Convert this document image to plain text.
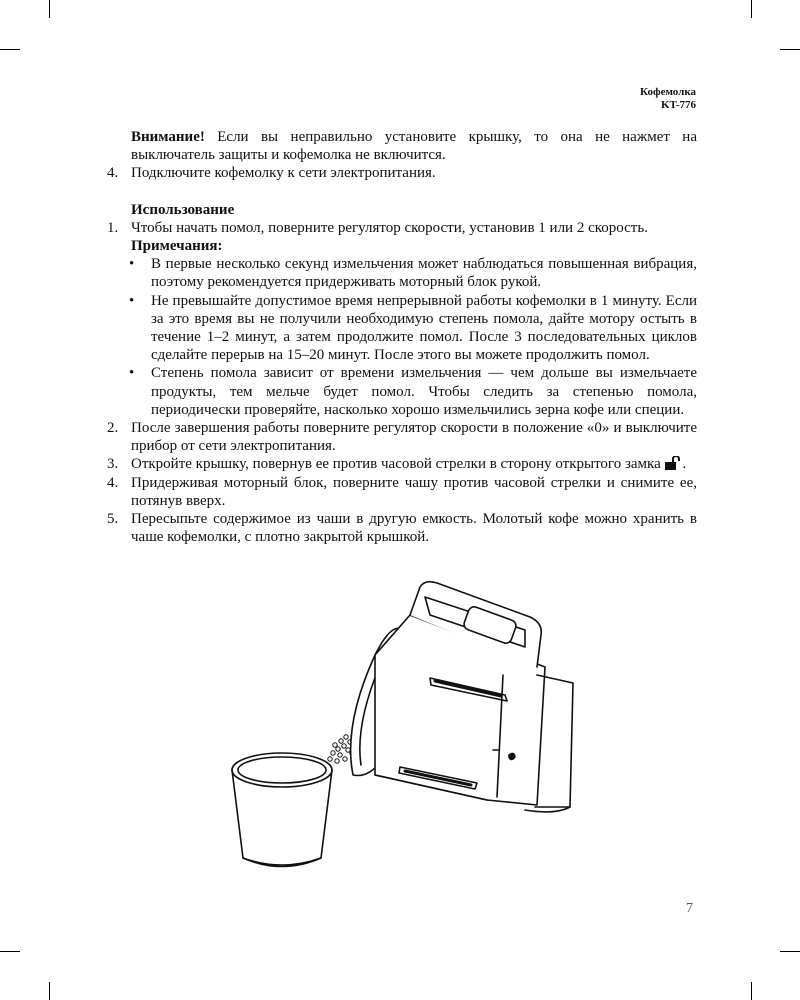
Кофемолка
KT-776

Внимание! Если вы неправильно установите крышку, то она не нажмет на выключатель защиты и кофемолка не включится.

4. Подключите кофемолку к сети электропитания.

Использование

1. Чтобы начать помол, поверните регулятор скорости, установив 1 или 2 скорость.

Примечания:

• В первые несколько секунд измельчения может наблюдаться повышенная вибрация, поэтому рекомендуется придерживать моторный блок рукой.
• Не превышайте допустимое время непрерывной работы кофемолки в 1 минуту. Если за это время вы не получили необходимую степень помола, дайте мотору остыть в течение 1–2 минут, а затем продолжите помол. После 3 последовательных циклов сделайте перерыв на 15–20 минут. После этого вы можете продолжить помол.
• Степень помола зависит от времени измельчения — чем дольше вы измельчаете продукты, тем мельче будет помол. Чтобы следить за степенью помола, периодически проверяйте, насколько хорошо измельчились зерна кофе или специи.
2. После завершения работы поверните регулятор скорости в положение «0» и выключите прибор от сети электропитания.
3. Откройте крышку, повернув ее против часовой стрелки в сторону открытого замка .
4. Придерживая моторный блок, поверните чашу против часовой стрелки и снимите ее, потянув вверх.
5. Пересыпьте содержимое из чаши в другую емкость. Молотый кофе можно хранить в чаше кофемолки, с плотно закрытой крышкой.
7
